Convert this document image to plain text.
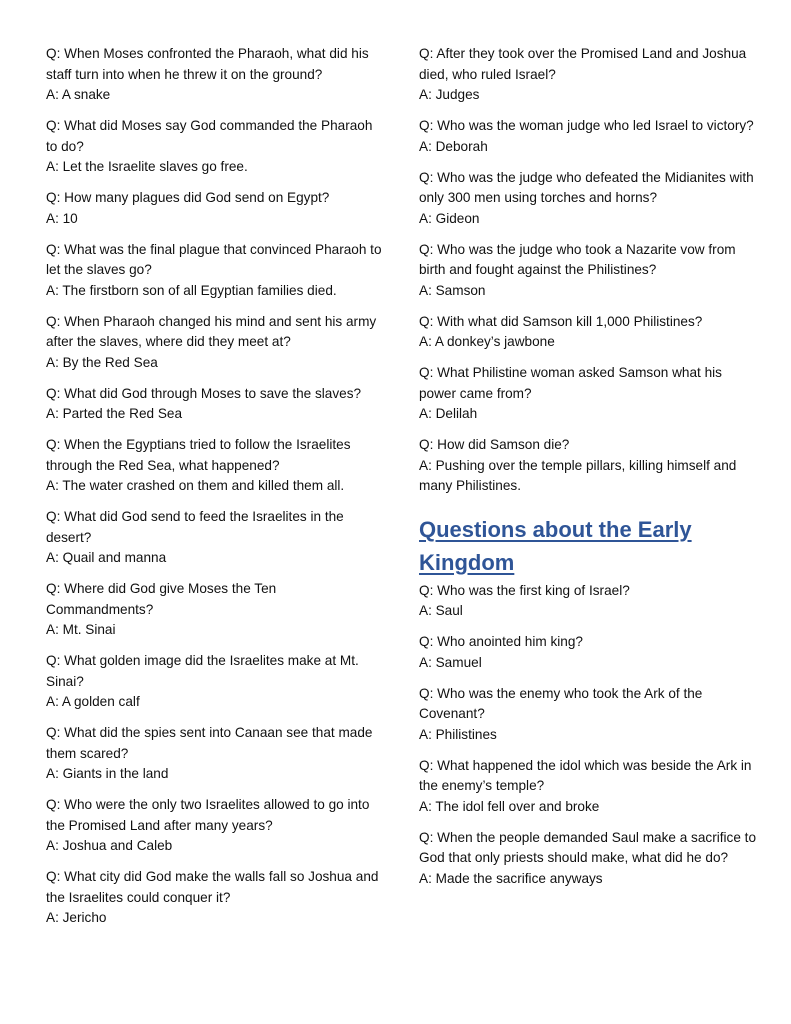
Q: When Moses confronted the Pharaoh, what did his staff turn into when he threw it on the ground?

A: A snake

Q: What did Moses say God commanded the Pharaoh to do?

A: Let the Israelite slaves go free.

Q: How many plagues did God send on Egypt?

A: 10

Q: What was the final plague that convinced Pharaoh to let the slaves go?

A: The firstborn son of all Egyptian families died.

Q: When Pharaoh changed his mind and sent his army after the slaves, where did they meet at?

A: By the Red Sea

Q: What did God through Moses to save the slaves?

A: Parted the Red Sea

Q: When the Egyptians tried to follow the Israelites through the Red Sea, what happened?

A: The water crashed on them and killed them all.

Q: What did God send to feed the Israelites in the desert?

A: Quail and manna

Q: Where did God give Moses the Ten Commandments?

A: Mt. Sinai

Q: What golden image did the Israelites make at Mt. Sinai?

A: A golden calf

Q: What did the spies sent into Canaan see that made them scared?

A: Giants in the land

Q: Who were the only two Israelites allowed to go into the Promised Land after many years?

A: Joshua and Caleb

Q: What city did God make the walls fall so Joshua and the Israelites could conquer it?

A: Jericho

Q: After they took over the Promised Land and Joshua died, who ruled Israel?

A: Judges

Q: Who was the woman judge who led Israel to victory?

A: Deborah

Q: Who was the judge who defeated the Midianites with only 300 men using torches and horns?

A: Gideon

Q: Who was the judge who took a Nazarite vow from birth and fought against the Philistines?

A: Samson

Q: With what did Samson kill 1,000 Philistines?

A: A donkey’s jawbone

Q: What Philistine woman asked Samson what his power came from?

A: Delilah

Q: How did Samson die?

A: Pushing over the temple pillars, killing himself and many Philistines.

Questions about the Early Kingdom

Q: Who was the first king of Israel?

A: Saul

Q: Who anointed him king?

A: Samuel

Q: Who was the enemy who took the Ark of the Covenant?

A: Philistines

Q: What happened the idol which was beside the Ark in the enemy’s temple?

A: The idol fell over and broke

Q: When the people demanded Saul make a sacrifice to God that only priests should make, what did he do?

A: Made the sacrifice anyways
